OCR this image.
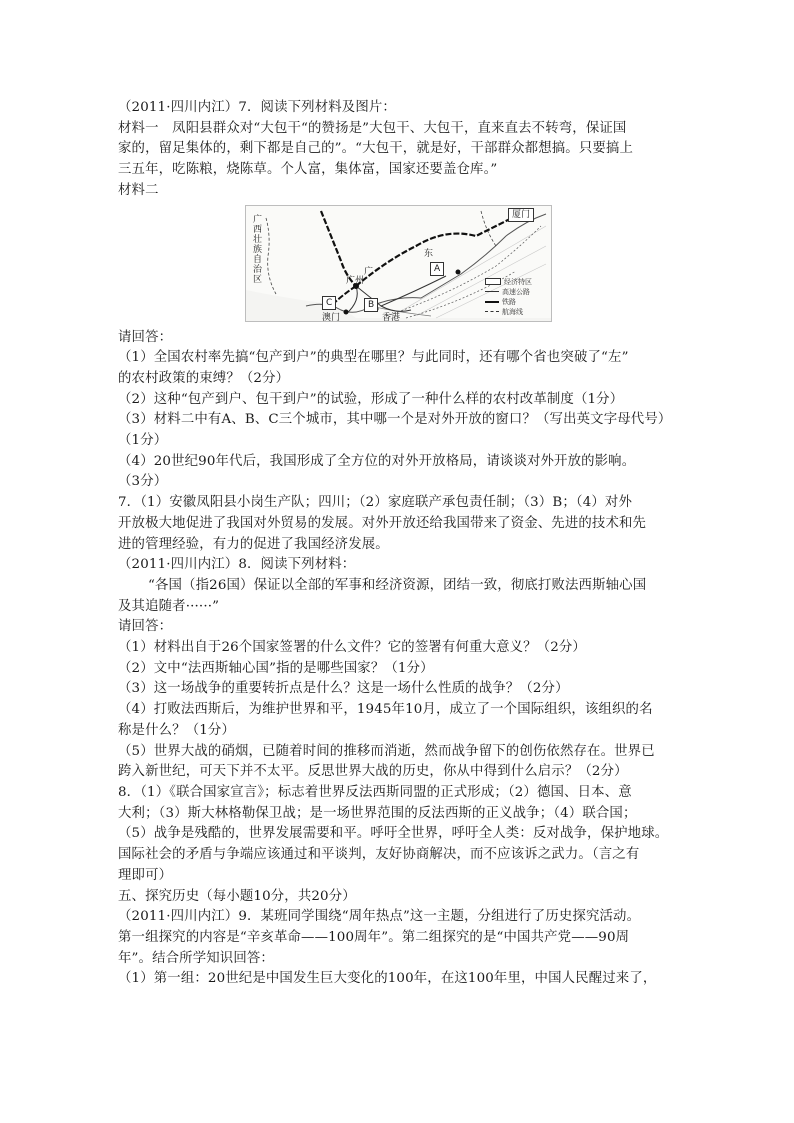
（2011·四川内江）7．阅读下列材料及图片：
材料一　凤阳县群众对“大包干“的赞扬是”大包干、大包干，直来直去不转弯，保证国
家的，留足集体的，剩下都是自己的”。“大包干，就是好，干部群众都想搞。只要搞上
三五年，吃陈粮，烧陈草。个人富，集体富，国家还要盖仓库。”
材料二
广西壮族自治区	广
东
广州
厦门
A
B
C
澳门	香港
经济特区
高速公路
铁路
航海线
请回答：
（1）全国农村率先搞“包产到户”的典型在哪里？与此同时，还有哪个省也突破了“左”
的农村政策的束缚？（2分）
（2）这种“包产到户、包干到户”的试验，形成了一种什么样的农村改革制度（1分）
（3）材料二中有A、B、C三个城市，其中哪一个是对外开放的窗口？（写出英文字母代号）
（1分）
（4）20世纪90年代后，我国形成了全方位的对外开放格局，请谈谈对外开放的影响。
（3分）
7．（1）安徽凤阳县小岗生产队；四川；（2）家庭联产承包责任制；（3）B；（4）对外
开放极大地促进了我国对外贸易的发展。对外开放还给我国带来了资金、先进的技术和先
进的管理经验，有力的促进了我国经济发展。
（2011·四川内江）8．阅读下列材料：
“各国（指26国）保证以全部的军事和经济资源，团结一致，彻底打败法西斯轴心国
及其追随者······”
请回答：
（1）材料出自于26个国家签署的什么文件？它的签署有何重大意义？（2分）
（2）文中“法西斯轴心国”指的是哪些国家？（1分）
（3）这一场战争的重要转折点是什么？这是一场什么性质的战争？（2分）
（4）打败法西斯后，为维护世界和平，1945年10月，成立了一个国际组织，该组织的名
称是什么？（1分）
（5）世界大战的硝烟，已随着时间的推移而消逝，然而战争留下的创伤依然存在。世界已
跨入新世纪，可天下并不太平。反思世界大战的历史，你从中得到什么启示？（2分）
8．（1）《联合国家宣言》；标志着世界反法西斯同盟的正式形成；（2）德国、日本、意
大利；（3）斯大林格勒保卫战；是一场世界范围的反法西斯的正义战争；（4）联合国；
（5）战争是残酷的，世界发展需要和平。呼吁全世界，呼吁全人类：反对战争，保护地球。
国际社会的矛盾与争端应该通过和平谈判，友好协商解决，而不应该诉之武力。（言之有
理即可）
五、探究历史（每小题10分，共20分）
（2011·四川内江）9．某班同学围绕“周年热点”这一主题，分组进行了历史探究活动。
第一组探究的内容是“辛亥革命——100周年”。第二组探究的是“中国共产党——90周
年”。结合所学知识回答：
（1）第一组：20世纪是中国发生巨大变化的100年，在这100年里，中国人民醒过来了，
